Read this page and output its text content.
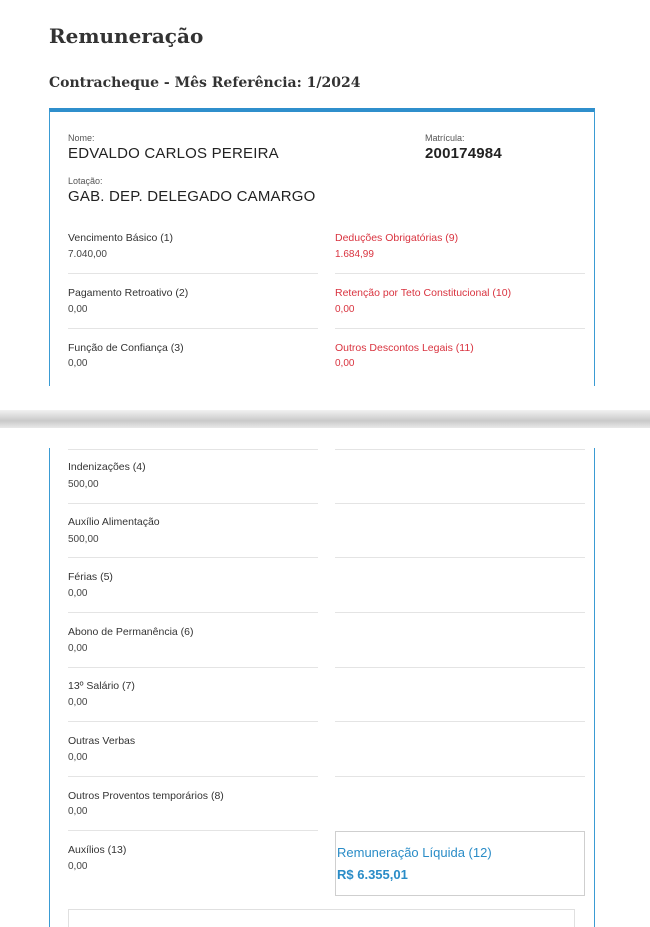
Remuneração
Contracheque - Mês Referência: 1/2024
Nome:
EDVALDO CARLOS PEREIRA
Matrícula:
200174984
Lotação:
GAB. DEP. DELEGADO CAMARGO
Vencimento Básico (1)
7.040,00
Pagamento Retroativo (2)
0,00
Função de Confiança (3)
0,00
Deduções Obrigatórias (9)
1.684,99
Retenção por Teto Constitucional (10)
0,00
Outros Descontos Legais (11)
0,00
Indenizações (4)
500,00
Auxílio Alimentação
500,00
Férias (5)
0,00
Abono de Permanência (6)
0,00
13º Salário (7)
0,00
Outras Verbas
0,00
Outros Proventos temporários (8)
0,00
Auxílios (13)
0,00
Remuneração Líquida (12)
R$ 6.355,01
